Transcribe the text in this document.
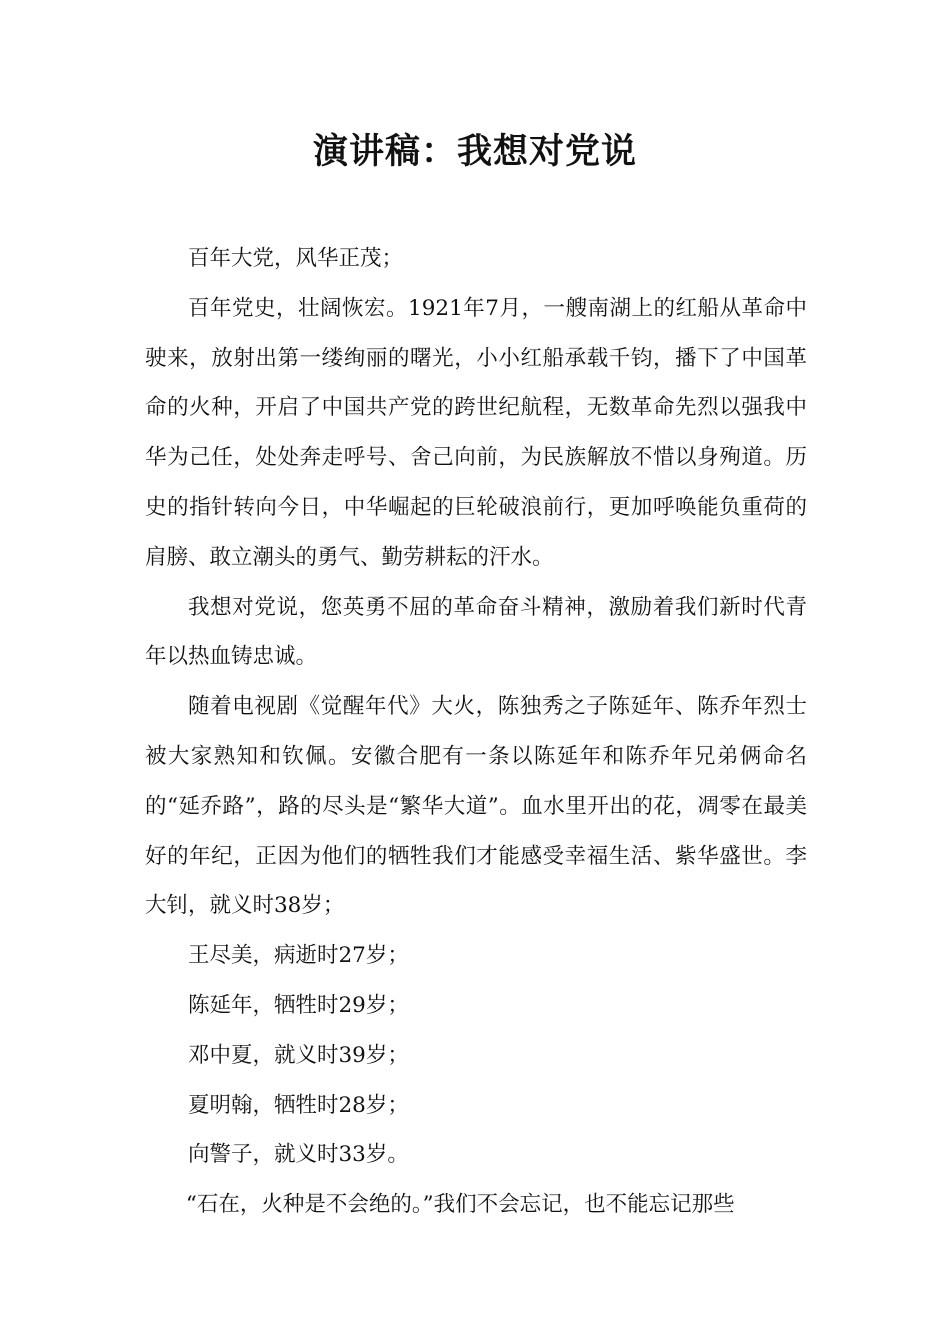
演讲稿：我想对党说

百年大党，风华正茂；

百年党史，壮阔恢宏。1921年7月，一艘南湖上的红船从革命中驶来，放射出第一缕绚丽的曙光，小小红船承载千钧，播下了中国革命的火种，开启了中国共产党的跨世纪航程，无数革命先烈以强我中华为己任，处处奔走呼号、舍己向前，为民族解放不惜以身殉道。历史的指针转向今日，中华崛起的巨轮破浪前行，更加呼唤能负重荷的肩膀、敢立潮头的勇气、勤劳耕耘的汗水。

我想对党说，您英勇不屈的革命奋斗精神，激励着我们新时代青年以热血铸忠诚。

随着电视剧《觉醒年代》大火，陈独秀之子陈延年、陈乔年烈士被大家熟知和钦佩。安徽合肥有一条以陈延年和陈乔年兄弟俩命名的“延乔路”，路的尽头是“繁华大道”。血水里开出的花，凋零在最美好的年纪，正因为他们的牺牲我们才能感受幸福生活、紫华盛世。李大钊，就义时38岁；

王尽美，病逝时27岁；

陈延年，牺牲时29岁；

邓中夏，就义时39岁；

夏明翰，牺牲时28岁；

向警子，就义时33岁。

“石在，火种是不会绝的。”我们不会忘记，也不能忘记那些
